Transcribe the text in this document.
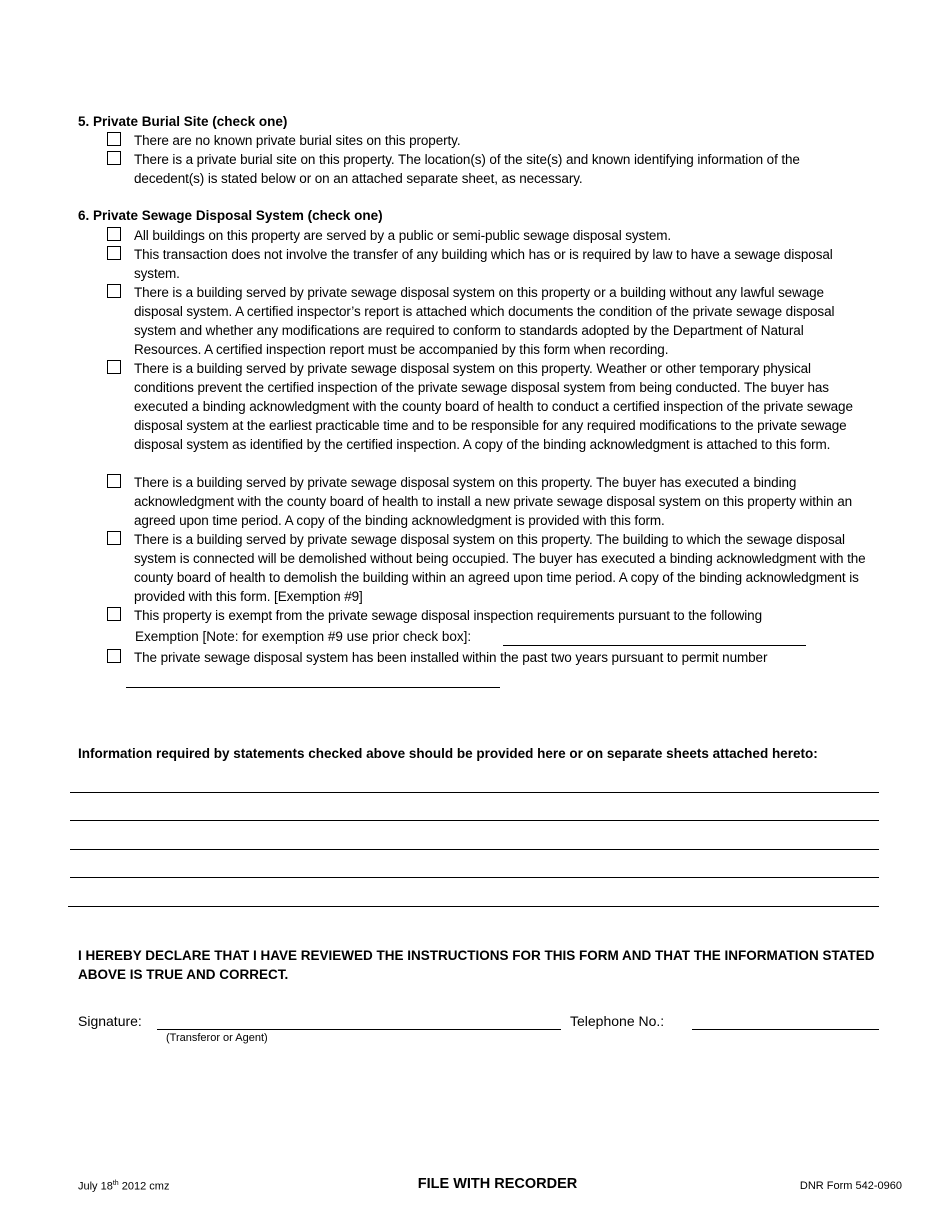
5. Private Burial Site (check one)
There are no known private burial sites on this property.
There is a private burial site on this property. The location(s) of the site(s) and known identifying information of the decedent(s) is stated below or on an attached separate sheet, as necessary.
6. Private Sewage Disposal System (check one)
All buildings on this property are served by a public or semi-public sewage disposal system.
This transaction does not involve the transfer of any building which has or is required by law to have a sewage disposal system.
There is a building served by private sewage disposal system on this property or a building without any lawful sewage disposal system. A certified inspector’s report is attached which documents the condition of the private sewage disposal system and whether any modifications are required to conform to standards adopted by the Department of Natural Resources. A certified inspection report must be accompanied by this form when recording.
There is a building served by private sewage disposal system on this property. Weather or other temporary physical conditions prevent the certified inspection of the private sewage disposal system from being conducted. The buyer has executed a binding acknowledgment with the county board of health to conduct a certified inspection of the private sewage disposal system at the earliest practicable time and to be responsible for any required modifications to the private sewage disposal system as identified by the certified inspection. A copy of the binding acknowledgment is attached to this form.
There is a building served by private sewage disposal system on this property. The buyer has executed a binding acknowledgment with the county board of health to install a new private sewage disposal system on this property within an agreed upon time period. A copy of the binding acknowledgment is provided with this form.
There is a building served by private sewage disposal system on this property. The building to which the sewage disposal system is connected will be demolished without being occupied. The buyer has executed a binding acknowledgment with the county board of health to demolish the building within an agreed upon time period. A copy of the binding acknowledgment is provided with this form. [Exemption #9]
This property is exempt from the private sewage disposal inspection requirements pursuant to the following
Exemption [Note: for exemption #9 use prior check box]:
The private sewage disposal system has been installed within the past two years pursuant to permit number
Information required by statements checked above should be provided here or on separate sheets attached hereto:
I HEREBY DECLARE THAT I HAVE REVIEWED THE INSTRUCTIONS FOR THIS FORM AND THAT THE INFORMATION STATED ABOVE IS TRUE AND CORRECT.
Signature:
(Transferor or Agent)
Telephone No.:
July 18th 2012 cmz	FILE WITH RECORDER	DNR Form 542-0960
